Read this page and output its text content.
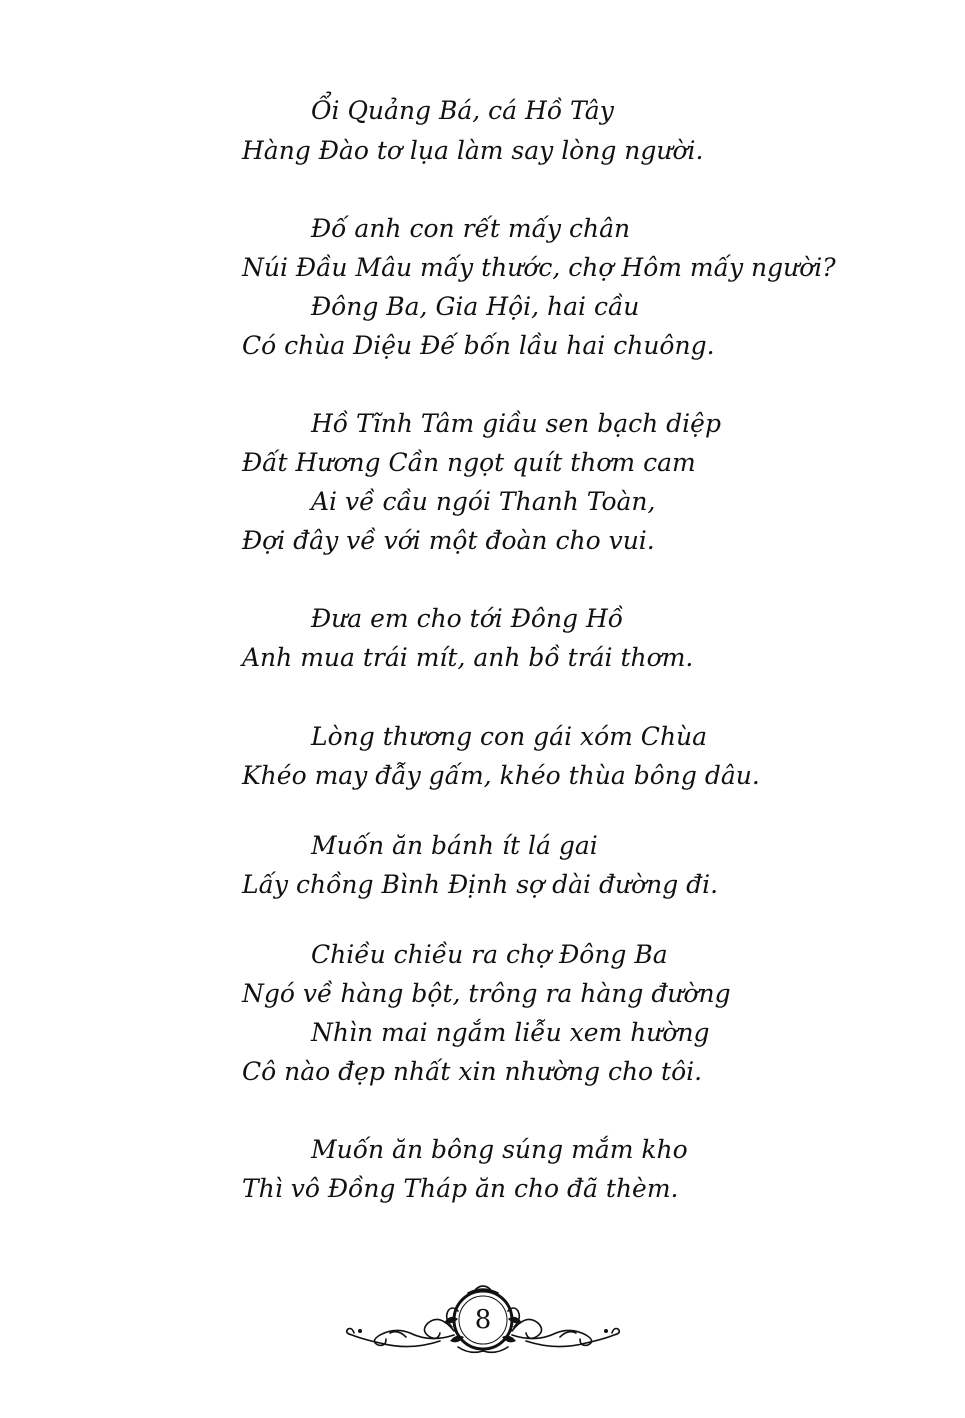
Ổi Quảng Bá, cá Hồ Tây
Hàng Đào tơ lụa làm say lòng người.
Đố anh con rết mấy chân
Núi Đầu Mâu mấy thước, chợ Hôm mấy người?
Đông Ba, Gia Hội, hai cầu
Có chùa Diệu Đế bốn lầu hai chuông.
Hồ Tĩnh Tâm giầu sen bạch diệp
Đất Hương Cần ngọt quít thơm cam
Ai về cầu ngói Thanh Toàn,
Đợi đây về với một đoàn cho vui.
Đưa em cho tới Đông Hồ
Anh mua trái mít, anh bồ trái thơm.
Lòng thương con gái xóm Chùa
Khéo may đẫy gấm, khéo thùa bông dâu.
Muốn ăn bánh ít lá gai
Lấy chồng Bình Định sợ dài đường đi.
Chiều chiều ra chợ Đông Ba
Ngó về hàng bột, trông ra hàng đường
Nhìn mai ngắm liễu xem hường
Cô nào đẹp nhất xin nhường cho tôi.
Muốn ăn bông súng mắm kho
Thì vô Đồng Tháp ăn cho đã thèm.
8
